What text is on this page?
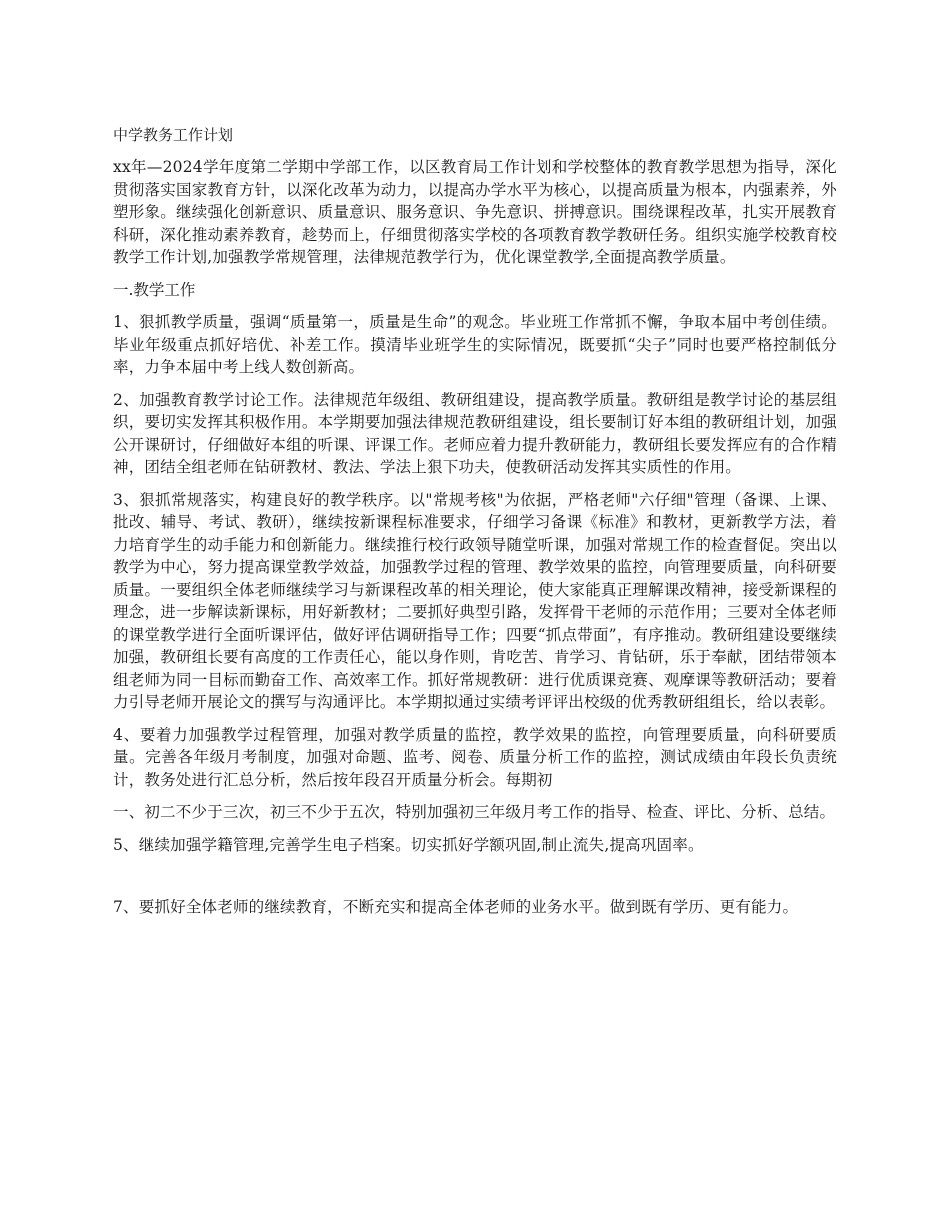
中学教务工作计划

xx年—2024学年度第二学期中学部工作，以区教育局工作计划和学校整体的教育教学思想为指导，深化贯彻落实国家教育方针，以深化改革为动力，以提高办学水平为核心，以提高质量为根本，内强素养，外塑形象。继续强化创新意识、质量意识、服务意识、争先意识、拼搏意识。围绕课程改革，扎实开展教育科研，深化推动素养教育，趁势而上，仔细贯彻落实学校的各项教育教学教研任务。组织实施学校教育校教学工作计划,加强教学常规管理，法律规范教学行为，优化课堂教学,全面提高教学质量。

一.教学工作

1、狠抓教学质量，强调“质量第一，质量是生命”的观念。毕业班工作常抓不懈，争取本届中考创佳绩。毕业年级重点抓好培优、补差工作。摸清毕业班学生的实际情况，既要抓“尖子”同时也要严格控制低分率，力争本届中考上线人数创新高。

2、加强教育教学讨论工作。法律规范年级组、教研组建设，提高教学质量。教研组是教学讨论的基层组织，要切实发挥其积极作用。本学期要加强法律规范教研组建设，组长要制订好本组的教研组计划，加强公开课研讨，仔细做好本组的听课、评课工作。老师应着力提升教研能力，教研组长要发挥应有的合作精神，团结全组老师在钻研教材、教法、学法上狠下功夫，使教研活动发挥其实质性的作用。

3、狠抓常规落实，构建良好的教学秩序。以"常规考核"为依据，严格老师"六仔细"管理（备课、上课、批改、辅导、考试、教研），继续按新课程标准要求，仔细学习备课《标准》和教材，更新教学方法，着力培育学生的动手能力和创新能力。继续推行校行政领导随堂听课，加强对常规工作的检查督促。突出以教学为中心，努力提高课堂教学效益，加强教学过程的管理、教学效果的监控，向管理要质量，向科研要质量。一要组织全体老师继续学习与新课程改革的相关理论，使大家能真正理解课改精神，接受新课程的理念，进一步解读新课标，用好新教材；二要抓好典型引路，发挥骨干老师的示范作用；三要对全体老师的课堂教学进行全面听课评估，做好评估调研指导工作；四要“抓点带面”，有序推动。教研组建设要继续加强，教研组长要有高度的工作责任心，能以身作则，肯吃苦、肯学习、肯钻研，乐于奉献，团结带领本组老师为同一目标而勤奋工作、高效率工作。抓好常规教研：进行优质课竞赛、观摩课等教研活动；要着力引导老师开展论文的撰写与沟通评比。本学期拟通过实绩考评评出校级的优秀教研组组长，给以表彰。

4、要着力加强教学过程管理，加强对教学质量的监控，教学效果的监控，向管理要质量，向科研要质量。完善各年级月考制度，加强对命题、监考、阅卷、质量分析工作的监控，测试成绩由年段长负责统计，教务处进行汇总分析，然后按年段召开质量分析会。每期初

一、初二不少于三次，初三不少于五次，特别加强初三年级月考工作的指导、检查、评比、分析、总结。

5、继续加强学籍管理,完善学生电子档案。切实抓好学额巩固,制止流失,提高巩固率。

7、要抓好全体老师的继续教育，不断充实和提高全体老师的业务水平。做到既有学历、更有能力。
